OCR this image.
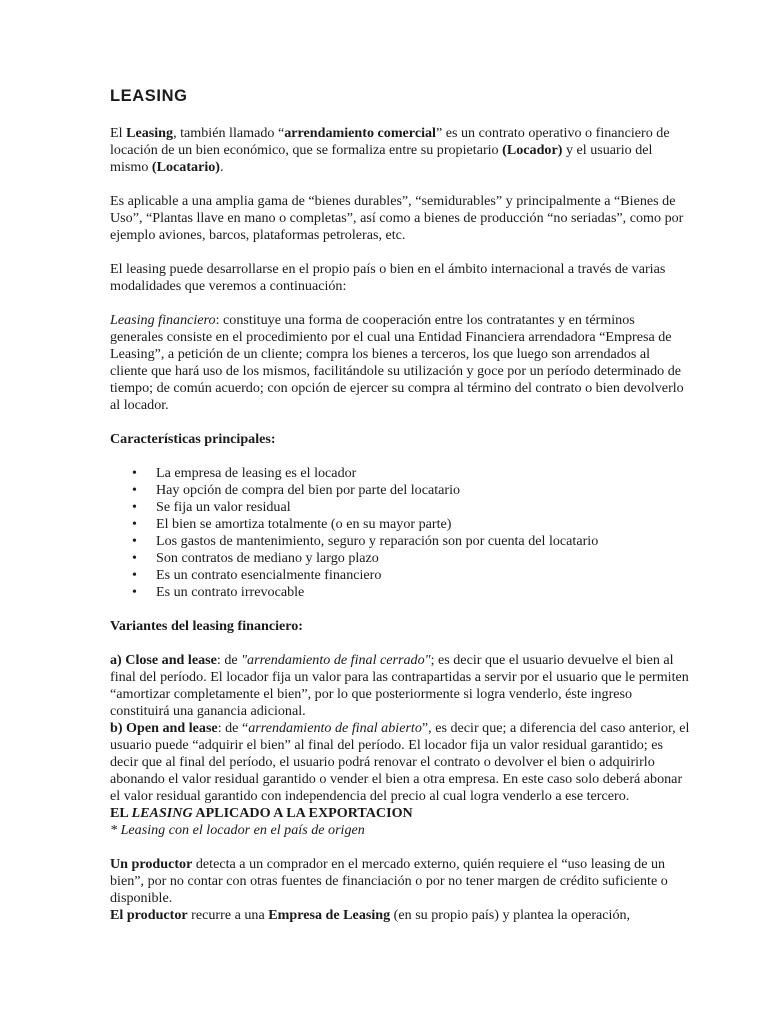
LEASING

El Leasing, también llamado “arrendamiento comercial” es un contrato operativo o financiero de locación de un bien económico, que se formaliza entre su propietario (Locador) y el usuario del mismo (Locatario).

Es aplicable a una amplia gama de “bienes durables”, “semidurables” y principalmente a “Bienes de Uso”, “Plantas llave en mano o completas”, así como a bienes de producción “no seriadas”, como por ejemplo aviones, barcos, plataformas petroleras, etc.

El leasing puede desarrollarse en el propio país o bien en el ámbito internacional a través de varias modalidades que veremos a continuación:

Leasing financiero: constituye una forma de cooperación entre los contratantes y en términos generales consiste en el procedimiento por el cual una Entidad Financiera arrendadora “Empresa de Leasing”, a petición de un cliente; compra los bienes a terceros, los que luego son arrendados al cliente que hará uso de los mismos, facilitándole su utilización y goce por un período determinado de tiempo; de común acuerdo; con opción de ejercer su compra al término del contrato o bien devolverlo al locador.

Características principales:
• La empresa de leasing es el locador
• Hay opción de compra del bien por parte del locatario
• Se fija un valor residual
• El bien se amortiza totalmente (o en su mayor parte)
• Los gastos de mantenimiento, seguro y reparación son por cuenta del locatario
• Son contratos de mediano y largo plazo
• Es un contrato esencialmente financiero
• Es un contrato irrevocable
Variantes del leasing financiero:

a) Close and lease: de "arrendamiento de final cerrado"; es decir que el usuario devuelve el bien al final del período. El locador fija un valor para las contrapartidas a servir por el usuario que le permiten “amortizar completamente el bien”, por lo que posteriormente si logra venderlo, éste ingreso constituirá una ganancia adicional.

b) Open and lease: de “arrendamiento de final abierto”, es decir que; a diferencia del caso anterior, el usuario puede “adquirir el bien” al final del período. El locador fija un valor residual garantido; es decir que al final del período, el usuario podrá renovar el contrato o devolver el bien o adquirirlo abonando el valor residual garantido o vender el bien a otra empresa. En este caso solo deberá abonar el valor residual garantido con independencia del precio al cual logra venderlo a ese tercero.

EL LEASING APLICADO A LA EXPORTACION

* Leasing con el locador en el país de origen

Un productor detecta a un comprador en el mercado externo, quién requiere el “uso leasing de un bien”, por no contar con otras fuentes de financiación o por no tener margen de crédito suficiente o disponible.

El productor recurre a una Empresa de Leasing (en su propio país) y plantea la operación,
